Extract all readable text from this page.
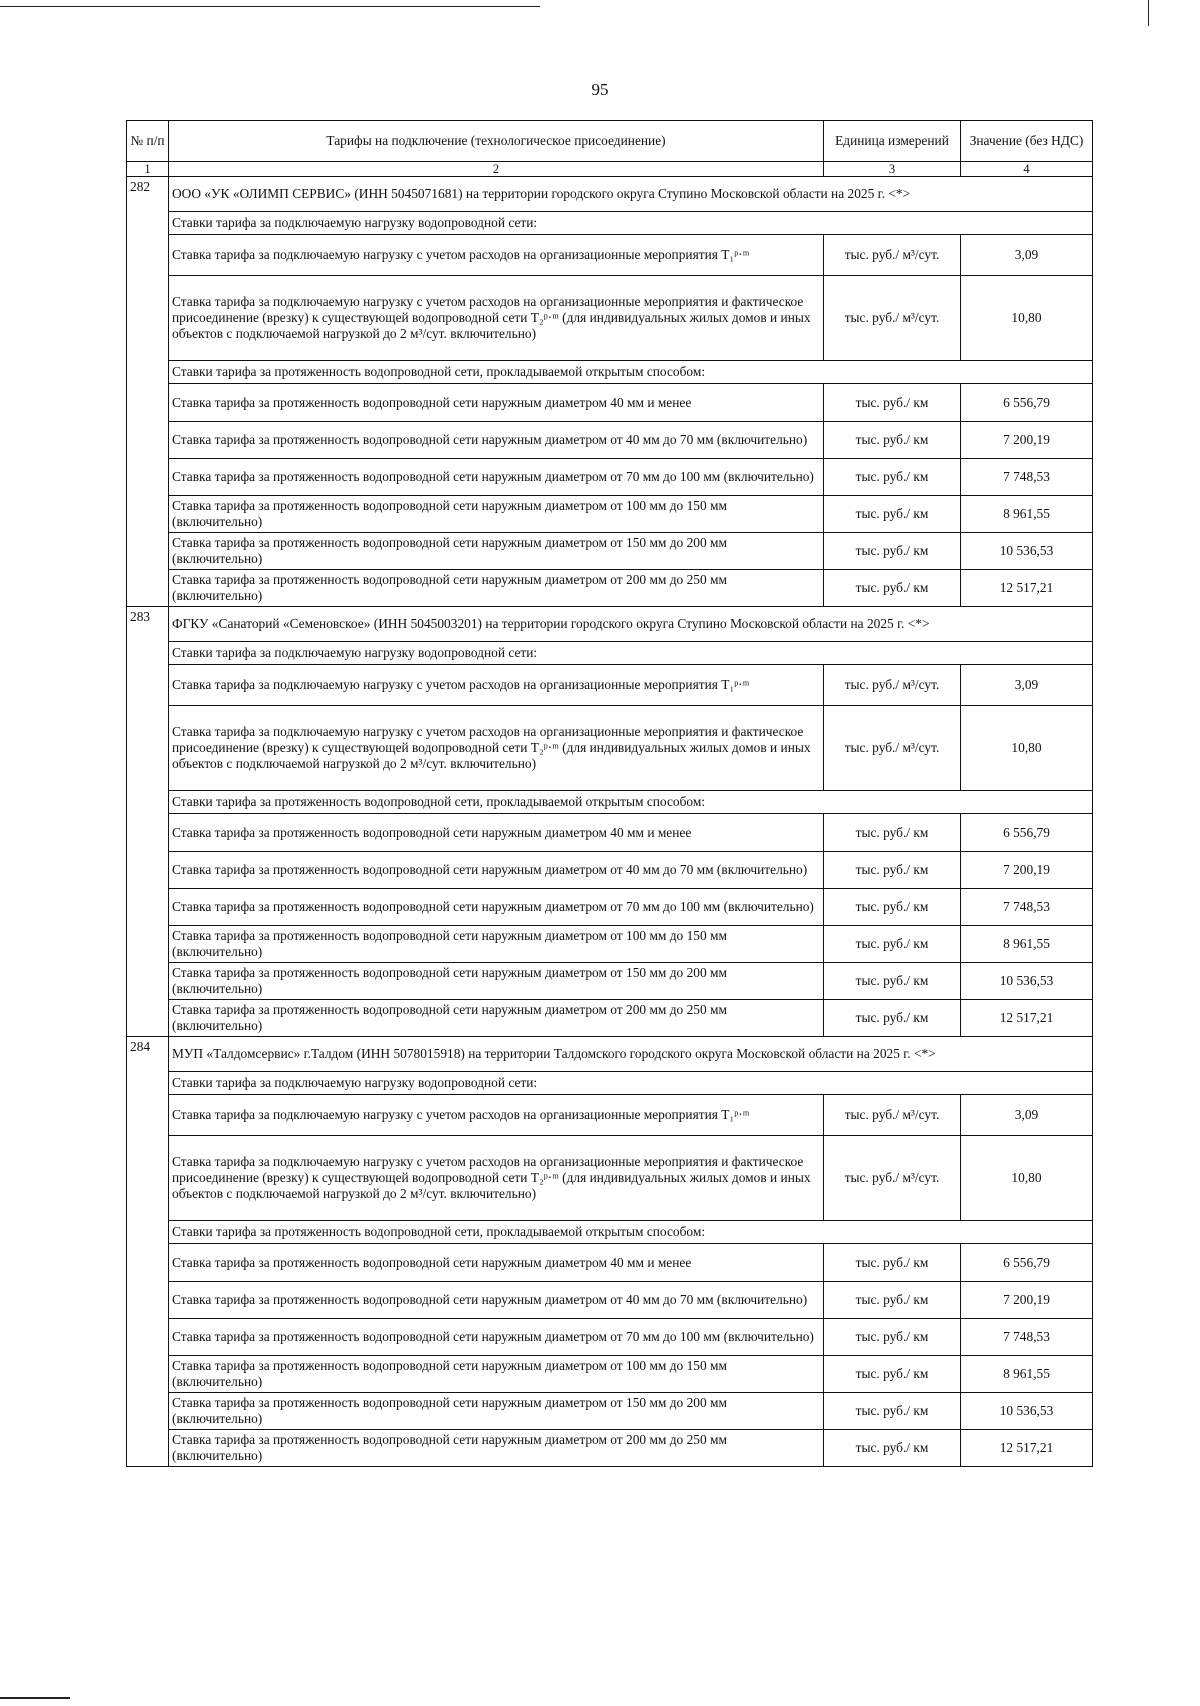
95
№ п/п	Тарифы на подключение (технологическое присоединение)	Единица измерений	Значение (без НДС)
1	2	3	4
282	ООО «УК «ОЛИМП СЕРВИС» (ИНН 5045071681) на территории городского округа Ступино Московской области на 2025 г. <*>		
	Ставки тарифа за подключаемую нагрузку водопроводной сети:		
	Ставка тарифа за подключаемую нагрузку с учетом расходов на организационные мероприятия Т₁ᵖ·ᵐ	тыс. руб./ м³/сут.	3,09
	Ставка тарифа за подключаемую нагрузку с учетом расходов на организационные мероприятия и фактическое присоединение (врезку) к существующей водопроводной сети Т₂ᵖ·ᵐ (для индивидуальных жилых домов и иных объектов с подключаемой нагрузкой до 2 м³/сут. включительно)	тыс. руб./ м³/сут.	10,80
	Ставки тарифа за протяженность водопроводной сети, прокладываемой открытым способом:		
	Ставка тарифа за протяженность водопроводной сети наружным диаметром 40 мм и менее	тыс. руб./ км	6 556,79
	Ставка тарифа за протяженность водопроводной сети наружным диаметром от 40 мм до 70 мм (включительно)	тыс. руб./ км	7 200,19
	Ставка тарифа за протяженность водопроводной сети наружным диаметром от 70 мм до 100 мм (включительно)	тыс. руб./ км	7 748,53
	Ставка тарифа за протяженность водопроводной сети наружным диаметром от 100 мм до 150 мм (включительно)	тыс. руб./ км	8 961,55
	Ставка тарифа за протяженность водопроводной сети наружным диаметром от 150 мм до 200 мм (включительно)	тыс. руб./ км	10 536,53
	Ставка тарифа за протяженность водопроводной сети наружным диаметром от 200 мм до 250 мм (включительно)	тыс. руб./ км	12 517,21
283	ФГКУ «Санаторий «Семеновское» (ИНН 5045003201) на территории городского округа Ступино Московской области на 2025 г. <*>		
	Ставки тарифа за подключаемую нагрузку водопроводной сети:		
	Ставка тарифа за подключаемую нагрузку с учетом расходов на организационные мероприятия Т₁ᵖ·ᵐ	тыс. руб./ м³/сут.	3,09
	Ставка тарифа за подключаемую нагрузку с учетом расходов на организационные мероприятия и фактическое присоединение (врезку) к существующей водопроводной сети Т₂ᵖ·ᵐ (для индивидуальных жилых домов и иных объектов с подключаемой нагрузкой до 2 м³/сут. включительно)	тыс. руб./ м³/сут.	10,80
	Ставки тарифа за протяженность водопроводной сети, прокладываемой открытым способом:		
	Ставка тарифа за протяженность водопроводной сети наружным диаметром 40 мм и менее	тыс. руб./ км	6 556,79
	Ставка тарифа за протяженность водопроводной сети наружным диаметром от 40 мм до 70 мм (включительно)	тыс. руб./ км	7 200,19
	Ставка тарифа за протяженность водопроводной сети наружным диаметром от 70 мм до 100 мм (включительно)	тыс. руб./ км	7 748,53
	Ставка тарифа за протяженность водопроводной сети наружным диаметром от 100 мм до 150 мм (включительно)	тыс. руб./ км	8 961,55
	Ставка тарифа за протяженность водопроводной сети наружным диаметром от 150 мм до 200 мм (включительно)	тыс. руб./ км	10 536,53
	Ставка тарифа за протяженность водопроводной сети наружным диаметром от 200 мм до 250 мм (включительно)	тыс. руб./ км	12 517,21
284	МУП «Талдомсервис» г.Талдом (ИНН 5078015918) на территории Талдомского городского округа Московской области на 2025 г. <*>		
	Ставки тарифа за подключаемую нагрузку водопроводной сети:		
	Ставка тарифа за подключаемую нагрузку с учетом расходов на организационные мероприятия Т₁ᵖ·ᵐ	тыс. руб./ м³/сут.	3,09
	Ставка тарифа за подключаемую нагрузку с учетом расходов на организационные мероприятия и фактическое присоединение (врезку) к существующей водопроводной сети Т₂ᵖ·ᵐ (для индивидуальных жилых домов и иных объектов с подключаемой нагрузкой до 2 м³/сут. включительно)	тыс. руб./ м³/сут.	10,80
	Ставки тарифа за протяженность водопроводной сети, прокладываемой открытым способом:		
	Ставка тарифа за протяженность водопроводной сети наружным диаметром 40 мм и менее	тыс. руб./ км	6 556,79
	Ставка тарифа за протяженность водопроводной сети наружным диаметром от 40 мм до 70 мм (включительно)	тыс. руб./ км	7 200,19
	Ставка тарифа за протяженность водопроводной сети наружным диаметром от 70 мм до 100 мм (включительно)	тыс. руб./ км	7 748,53
	Ставка тарифа за протяженность водопроводной сети наружным диаметром от 100 мм до 150 мм (включительно)	тыс. руб./ км	8 961,55
	Ставка тарифа за протяженность водопроводной сети наружным диаметром от 150 мм до 200 мм (включительно)	тыс. руб./ км	10 536,53
	Ставка тарифа за протяженность водопроводной сети наружным диаметром от 200 мм до 250 мм (включительно)	тыс. руб./ км	12 517,21
